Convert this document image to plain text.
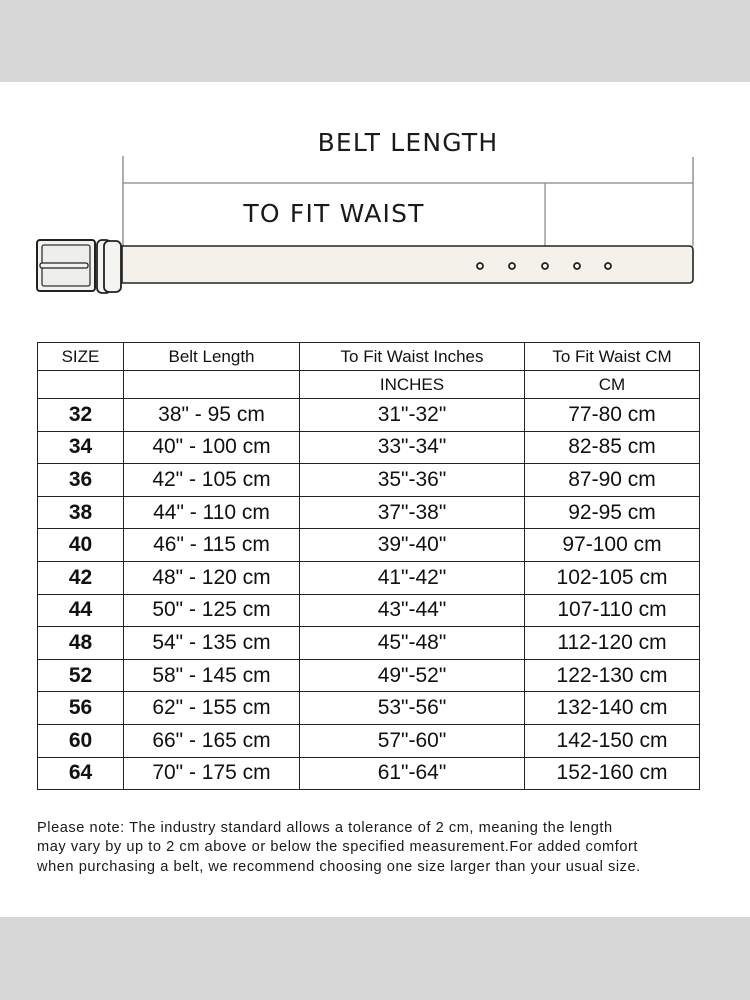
BELT LENGTH
TO FIT WAIST
SIZE	Belt Length	To Fit Waist Inches	To Fit Waist CM
		INCHES	CM
32	38" - 95 cm	31"-32"	77-80 cm
34	40" - 100 cm	33"-34"	82-85 cm
36	42" - 105 cm	35"-36"	87-90 cm
38	44" - 110 cm	37"-38"	92-95 cm
40	46" - 115 cm	39"-40"	97-100 cm
42	48" - 120 cm	41"-42"	102-105 cm
44	50" - 125 cm	43"-44"	107-110 cm
48	54" - 135 cm	45"-48"	112-120 cm
52	58" - 145 cm	49"-52"	122-130 cm
56	62" - 155 cm	53"-56"	132-140 cm
60	66" - 165 cm	57"-60"	142-150 cm
64	70" - 175 cm	61"-64"	152-160 cm
Please note: The industry standard allows a tolerance of 2 cm, meaning the length
may vary by up to 2 cm above or below the specified measurement.For added comfort
when purchasing a belt, we recommend choosing one size larger than your usual size.
